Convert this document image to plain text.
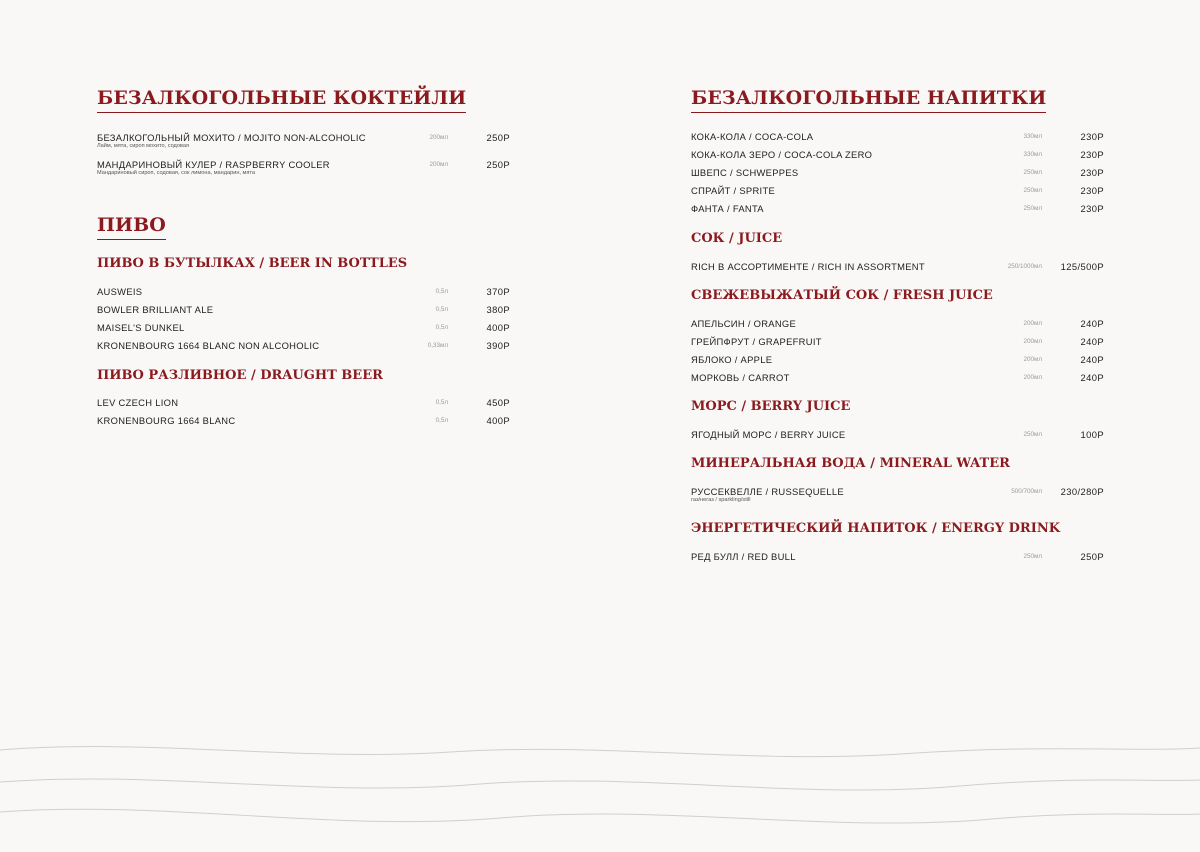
БЕЗАЛКОГОЛЬНЫЕ КОКТЕЙЛИ
БЕЗАЛКОГОЛЬНЫЙ МОХИТО / MOJITO NON-ALCOHOLIC
Лайм, мята, сироп мохито, содовая
200мл	250Р
МАНДАРИНОВЫЙ КУЛЕР / RASPBERRY COOLER
Мандариновый сироп, содовая, сок лимона, мандарин, мята
200мл	250Р
ПИВО
ПИВО В БУТЫЛКАХ / BEER IN BOTTLES
AUSWEIS	0,5л	370Р
BOWLER BRILLIANT ALE	0,5л	380Р
MAISEL'S DUNKEL	0,5л	400Р
KRONENBOURG 1664 BLANC NON ALCOHOLIC	0,33мл	390Р
ПИВО РАЗЛИВНОЕ / DRAUGHT BEER
LEV CZECH LION	0,5л	450Р
KRONENBOURG 1664 BLANC	0,5л	400Р
БЕЗАЛКОГОЛЬНЫЕ НАПИТКИ
КОКА-КОЛА / COCA-COLA	330мл	230Р
КОКА-КОЛА ЗЕРО / COCA-COLA ZERO	330мл	230Р
ШВЕПС / SCHWEPPES	250мл	230Р
СПРАЙТ / SPRITE	250мл	230Р
ФАНТА / FANTA	250мл	230Р
СОК / JUICE
RICH В АССОРТИМЕНТЕ / RICH IN ASSORTMENT	250/1000мл 125/500Р
СВЕЖЕВЫЖАТЫЙ СОК / FRESH JUICE
АПЕЛЬСИН / ORANGE	200мл	240Р
ГРЕЙПФРУТ / GRAPEFRUIT	200мл	240Р
ЯБЛОКО / APPLE	200мл	240Р
МОРКОВЬ / CARROT	200мл	240Р
МОРС / BERRY JUICE
ЯГОДНЫЙ МОРС / BERRY JUICE	250мл	100Р
МИНЕРАЛЬНАЯ ВОДА / MINERAL WATER
РУССЕКВЕЛЛЕ / RUSSEQUELLE
газ/негаз / sparkling/still
500/700мл 230/280Р
ЭНЕРГЕТИЧЕСКИЙ НАПИТОК / ENERGY DRINK
РЕД БУЛЛ / RED BULL	250мл	250Р
